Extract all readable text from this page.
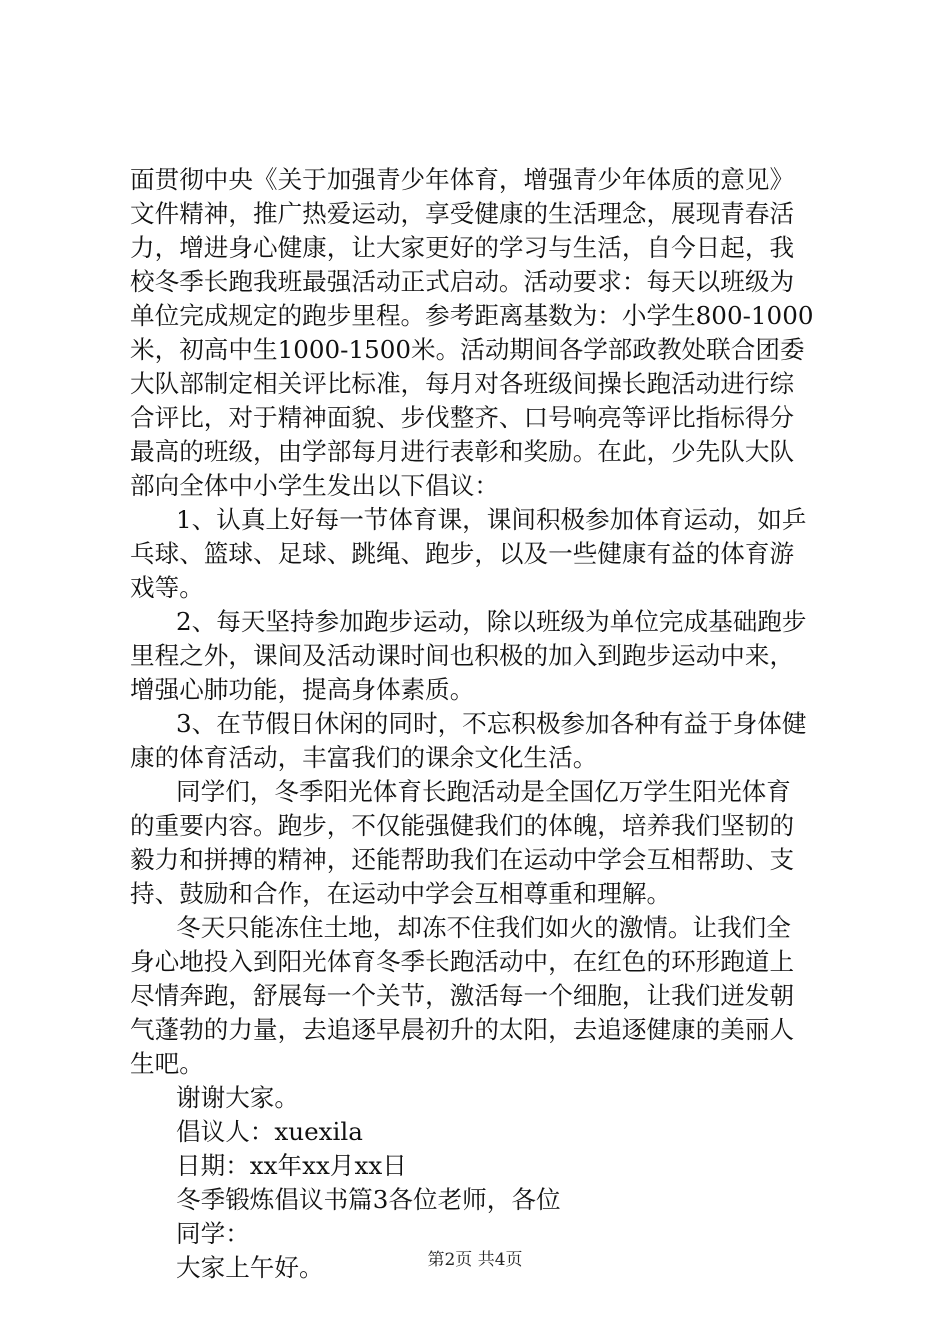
面贯彻中央《关于加强青少年体育，增强青少年体质的意见》
文件精神，推广热爱运动，享受健康的生活理念，展现青春活
力，增进身心健康，让大家更好的学习与生活，自今日起，我
校冬季长跑我班最强活动正式启动。活动要求：每天以班级为
单位完成规定的跑步里程。参考距离基数为：小学生800-1000
米，初高中生1000-1500米。活动期间各学部政教处联合团委
大队部制定相关评比标准，每月对各班级间操长跑活动进行综
合评比，对于精神面貌、步伐整齐、口号响亮等评比指标得分
最高的班级，由学部每月进行表彰和奖励。在此，少先队大队
部向全体中小学生发出以下倡议：
1、认真上好每一节体育课，课间积极参加体育运动，如乒
乓球、篮球、足球、跳绳、跑步，以及一些健康有益的体育游
戏等。
2、每天坚持参加跑步运动，除以班级为单位完成基础跑步
里程之外，课间及活动课时间也积极的加入到跑步运动中来，
增强心肺功能，提高身体素质。
3、在节假日休闲的同时，不忘积极参加各种有益于身体健
康的体育活动，丰富我们的课余文化生活。
同学们，冬季阳光体育长跑活动是全国亿万学生阳光体育
的重要内容。跑步，不仅能强健我们的体魄，培养我们坚韧的
毅力和拼搏的精神，还能帮助我们在运动中学会互相帮助、支
持、鼓励和合作，在运动中学会互相尊重和理解。
冬天只能冻住土地，却冻不住我们如火的激情。让我们全
身心地投入到阳光体育冬季长跑活动中，在红色的环形跑道上
尽情奔跑，舒展每一个关节，激活每一个细胞，让我们迸发朝
气蓬勃的力量，去追逐早晨初升的太阳，去追逐健康的美丽人
生吧。
谢谢大家。
倡议人：xuexila
日期：xx年xx月xx日
冬季锻炼倡议书篇3各位老师，各位
同学：
大家上午好。	第2页 共4页
